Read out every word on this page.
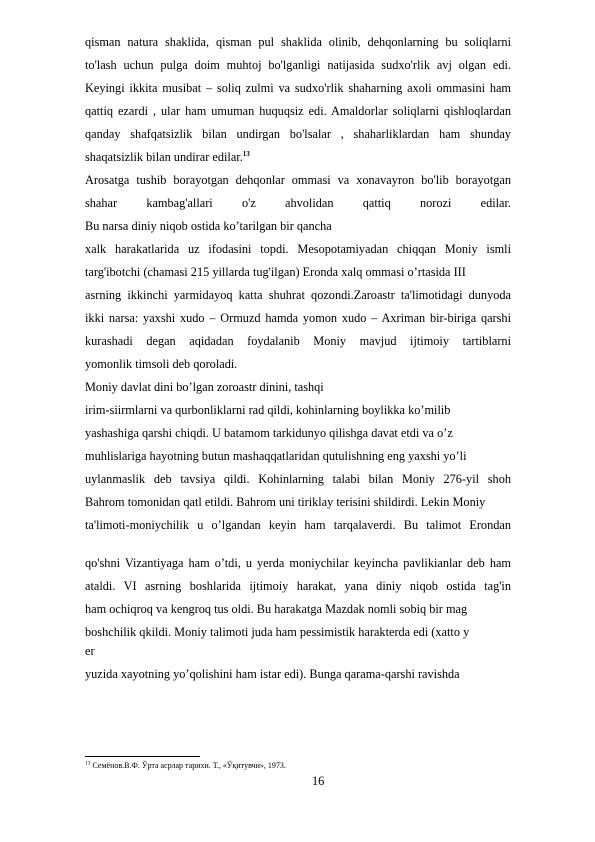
qisman natura shaklida, qisman pul shaklida olinib, dehqonlarning bu soliqlarni
to'lash uchun pulga doim muhtoj bo'lganligi natijasida sudxo'rlik avj olgan edi.
Keyingi ikkita musibat – soliq zulmi va sudxo'rlik shaharning axoli ommasini ham
qattiq ezardi , ular ham umuman huquqsiz edi. Amaldorlar soliqlarni qishloqlardan
qanday shafqatsizlik bilan undirgan bo'lsalar , shaharliklardan ham shunday
shaqatsizlik bilan undirar edilar.$^{13}$
Arosatga tushib borayotgan dehqonlar ommasi va xonavayron bo'lib borayotgan
shahar kambag'allari o'z ahvolidan qattiq norozi edilar.
Bu narsa diniy niqob ostida ko’tarilgan bir qancha
xalk harakatlarida uz ifodasini topdi. Mesopotamiyadan chiqqan Moniy ismli
targ'ibotchi (chamasi 215 yillarda tug'ilgan) Eronda xalq ommasi o’rtasida III
asrning ikkinchi yarmidayoq katta shuhrat qozondi.Zaroastr ta'limotidagi dunyoda
ikki narsa: yaxshi xudo – Ormuzd hamda yomon xudo – Axriman bir-biriga qarshi
kurashadi degan aqidadan foydalanib Moniy mavjud ijtimoiy tartiblarni
yomonlik timsoli deb qoroladi.
Moniy davlat dini bo’lgan zoroastr dinini, tashqi
irim-siirmlarni va qurbonliklarni rad qildi, kohinlarning boylikka ko’milib
yashashiga qarshi chiqdi. U batamom tarkidunyo qilishga davat etdi va o’z
muhlislariga hayotning butun mashaqqatlaridan qutulishning eng yaxshi yo’li
uylanmaslik deb tavsiya qildi. Kohinlarning talabi bilan Moniy 276-yil shoh
Bahrom tomonidan qatl etildi. Bahrom uni tiriklay terisini shildirdi. Lekin Moniy
ta'limoti-moniychilik u o’lgandan keyin ham tarqalaverdi. Bu talimot Erondan
qo'shni Vizantiyaga ham o’tdi, u yerda moniychilar keyincha pavlikianlar deb ham
ataldi. VI asrning boshlarida ijtimoiy harakat, yana diniy niqob ostida tag'in
ham ochiqroq va kengroq tus oldi. Bu harakatga Mazdak nomli sobiq bir mag
boshchilik qkildi. Moniy talimoti juda ham pessimistik harakterda edi (xatto y
er
yuzida xayotning yo’qolishini ham istar edi). Bunga qarama-qarshi ravishda
$^{13}$ Семёнов.В.Ф. Ўрта асрлар тарихи. Т., «Ўқитувчи», 1973.
16
